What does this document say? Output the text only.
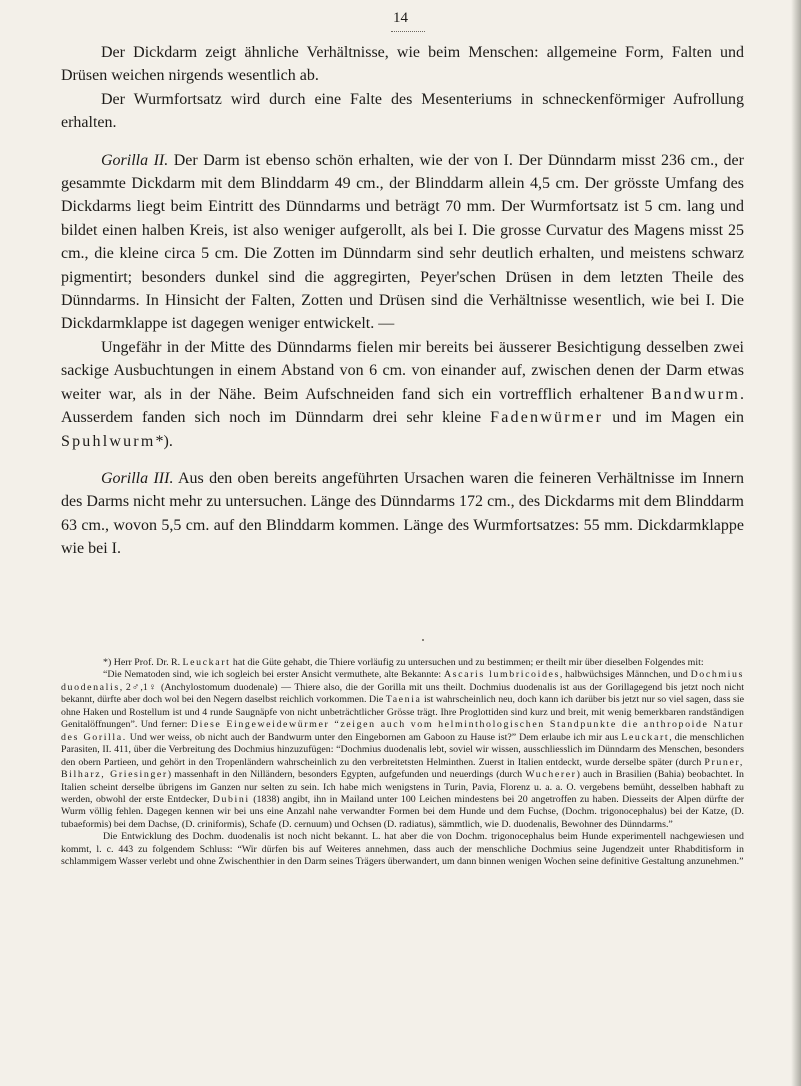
14

Der Dickdarm zeigt ähnliche Verhältnisse, wie beim Menschen: allgemeine Form, Falten und Drüsen weichen nirgends wesentlich ab.

Der Wurmfortsatz wird durch eine Falte des Mesenteriums in schneckenförmiger Aufrollung erhalten.

Gorilla II. Der Darm ist ebenso schön erhalten, wie der von I. Der Dünndarm misst 236 cm., der gesammte Dickdarm mit dem Blinddarm 49 cm., der Blinddarm allein 4,5 cm. Der grösste Umfang des Dickdarms liegt beim Eintritt des Dünndarms und beträgt 70 mm. Der Wurmfortsatz ist 5 cm. lang und bildet einen halben Kreis, ist also weniger aufgerollt, als bei I. Die grosse Curvatur des Magens misst 25 cm., die kleine circa 5 cm. Die Zotten im Dünndarm sind sehr deutlich erhalten, und meistens schwarz pigmentirt; besonders dunkel sind die aggregirten, Peyer'schen Drüsen in dem letzten Theile des Dünndarms. In Hinsicht der Falten, Zotten und Drüsen sind die Verhältnisse wesentlich, wie bei I. Die Dickdarmklappe ist dagegen weniger entwickelt. —

Ungefähr in der Mitte des Dünndarms fielen mir bereits bei äusserer Besichtigung desselben zwei sackige Ausbuchtungen in einem Abstand von 6 cm. von einander auf, zwischen denen der Darm etwas weiter war, als in der Nähe. Beim Aufschneiden fand sich ein vortrefflich erhaltener Bandwurm. Ausserdem fanden sich noch im Dünndarm drei sehr kleine Fadenwürmer und im Magen ein Spuhlwurm*).

Gorilla III. Aus den oben bereits angeführten Ursachen waren die feineren Verhältnisse im Innern des Darms nicht mehr zu untersuchen. Länge des Dünndarms 172 cm., des Dickdarms mit dem Blinddarm 63 cm., wovon 5,5 cm. auf den Blinddarm kommen. Länge des Wurmfortsatzes: 55 mm. Dickdarmklappe wie bei I.

*) Herr Prof. Dr. R. Leuckart hat die Güte gehabt, die Thiere vorläufig zu untersuchen und zu bestimmen; er theilt mir über dieselben Folgendes mit:

“Die Nematoden sind, wie ich sogleich bei erster Ansicht vermuthete, alte Bekannte: Ascaris lumbricoides, halbwüchsiges Männchen, und Dochmius duodenalis, 2♂,1♀ (Anchylostomum duodenale) — Thiere also, die der Gorilla mit uns theilt. Dochmius duodenalis ist aus der Gorillagegend bis jetzt noch nicht bekannt, dürfte aber doch wol bei den Negern daselbst reichlich vorkommen. Die Taenia ist wahrscheinlich neu, doch kann ich darüber bis jetzt nur so viel sagen, dass sie ohne Haken und Rostellum ist und 4 runde Saugnäpfe von nicht unbeträchtlicher Grösse trägt. Ihre Proglottiden sind kurz und breit, mit wenig bemerkbaren randständigen Genitalöffnungen”. Und ferner: Diese Eingeweidewürmer “zeigen auch vom helminthologischen Standpunkte die anthropoide Natur des Gorilla. Und wer weiss, ob nicht auch der Bandwurm unter den Eingebornen am Gaboon zu Hause ist?” Dem erlaube ich mir aus Leuckart, die menschlichen Parasiten, II. 411, über die Verbreitung des Dochmius hinzuzufügen: “Dochmius duodenalis lebt, soviel wir wissen, ausschliesslich im Dünndarm des Menschen, besonders den obern Partieen, und gehört in den Tropenländern wahrscheinlich zu den verbreitetsten Helminthen. Zuerst in Italien entdeckt, wurde derselbe später (durch Pruner, Bilharz, Griesinger) massenhaft in den Nilländern, besonders Egypten, aufgefunden und neuerdings (durch Wucherer) auch in Brasilien (Bahia) beobachtet. In Italien scheint derselbe übrigens im Ganzen nur selten zu sein. Ich habe mich wenigstens in Turin, Pavia, Florenz u. a. a. O. vergebens bemüht, desselben habhaft zu werden, obwohl der erste Entdecker, Dubini (1838) angibt, ihn in Mailand unter 100 Leichen mindestens bei 20 angetroffen zu haben. Diesseits der Alpen dürfte der Wurm völlig fehlen. Dagegen kennen wir bei uns eine Anzahl nahe verwandter Formen bei dem Hunde und dem Fuchse, (Dochm. trigonocephalus) bei der Katze, (D. tubaeformis) bei dem Dachse, (D. criniformis), Schafe (D. cernuum) und Ochsen (D. radiatus), sämmtlich, wie D. duodenalis, Bewohner des Dünndarms.”

Die Entwicklung des Dochm. duodenalis ist noch nicht bekannt. L. hat aber die von Dochm. trigonocephalus beim Hunde experimentell nachgewiesen und kommt, l. c. 443 zu folgendem Schluss: “Wir dürfen bis auf Weiteres annehmen, dass auch der menschliche Dochmius seine Jugendzeit unter Rhabditisform in schlammigem Wasser verlebt und ohne Zwischenthier in den Darm seines Trägers überwandert, um dann binnen wenigen Wochen seine definitive Gestaltung anzunehmen.”
